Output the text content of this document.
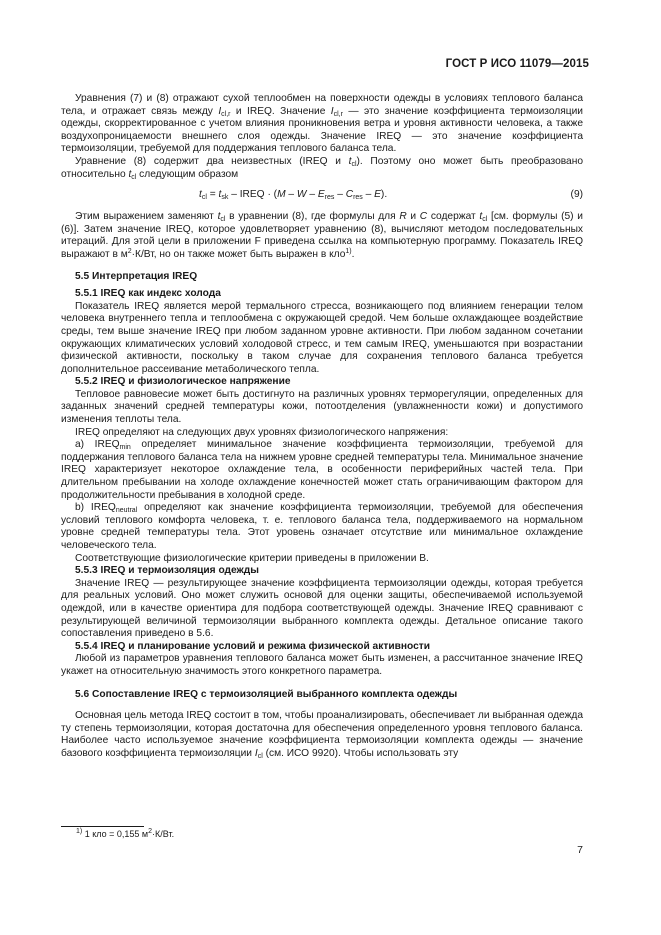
ГОСТ Р ИСО 11079—2015

Уравнения (7) и (8) отражают сухой теплообмен на поверхности одежды в условиях теплового баланса тела, и отражает связь между $I_{cl,r}$ и IREQ. Значение $I_{cl,r}$ — это значение коэффициента термоизоляции одежды, скорректированное с учетом влияния проникновения ветра и уровня активности человека, а также воздухопроницаемости внешнего слоя одежды. Значение IREQ — это значение коэффициента термоизоляции, требуемой для поддержания теплового баланса тела.

Уравнение (8) содержит два неизвестных (IREQ и $t_{cl}$). Поэтому оно может быть преобразовано относительно $t_{cl}$ следующим образом

$t_{cl} = t_{sk}$ – IREQ · (M – W – $E_{res} - C_{res} - E$).	(9)

Этим выражением заменяют $t_{cl}$ в уравнении (8), где формулы для R и C содержат $t_{cl}$ [см. формулы (5) и (6)]. Затем значение IREQ, которое удовлетворяет уравнению (8), вычисляют методом последовательных итераций. Для этой цели в приложении F приведена ссылка на компьютерную программу. Показатель IREQ выражают в $м^2\cdot К/Вт$, но он также может быть выражен в кло$^{1)}$.

5.5 Интерпретация IREQ
5.5.1 IREQ как индекс холода

Показатель IREQ является мерой термального стресса, возникающего под влиянием генерации телом человека внутреннего тепла и теплообмена с окружающей средой. Чем больше охлаждающее воздействие среды, тем выше значение IREQ при любом заданном уровне активности. При любом заданном сочетании окружающих климатических условий холодовой стресс, и тем самым IREQ, уменьшаются при возрастании физической активности, поскольку в таком случае для сохранения теплового баланса требуется дополнительное рассеивание метаболического тепла.

5.5.2 IREQ и физиологическое напряжение

Тепловое равновесие может быть достигнуто на различных уровнях терморегуляции, определенных для заданных значений средней температуры кожи, потоотделения (увлажненности кожи) и допустимого изменения теплоты тела.

IREQ определяют на следующих двух уровнях физиологического напряжения:

a) $IREQ_{min}$ определяет минимальное значение коэффициента термоизоляции, требуемой для поддержания теплового баланса тела на нижнем уровне средней температуры тела. Минимальное значение IREQ характеризует некоторое охлаждение тела, в особенности периферийных частей тела. При длительном пребывании на холоде охлаждение конечностей может стать ограничивающим фактором для продолжительности пребывания в холодной среде.

b) $IREQ_{neutral}$ определяют как значение коэффициента термоизоляции, требуемой для обеспечения условий теплового комфорта человека, т. е. теплового баланса тела, поддерживаемого на нормальном уровне средней температуры тела. Этот уровень означает отсутствие или минимальное охлаждение человеческого тела.

Соответствующие физиологические критерии приведены в приложении В.

5.5.3 IREQ и термоизоляция одежды

Значение IREQ — результирующее значение коэффициента термоизоляции одежды, которая требуется для реальных условий. Оно может служить основой для оценки защиты, обеспечиваемой используемой одеждой, или в качестве ориентира для подбора соответствующей одежды. Значение IREQ сравнивают с результирующей величиной термоизоляции выбранного комплекта одежды. Детальное описание такого сопоставления приведено в 5.6.

5.5.4 IREQ и планирование условий и режима физической активности

Любой из параметров уравнения теплового баланса может быть изменен, а рассчитанное значение IREQ укажет на относительную значимость этого конкретного параметра.

5.6 Сопоставление IREQ с термоизоляцией выбранного комплекта одежды

Основная цель метода IREQ состоит в том, чтобы проанализировать, обеспечивает ли выбранная одежда ту степень термоизоляции, которая достаточна для обеспечения определенного уровня теплового баланса. Наиболее часто используемое значение коэффициента термоизоляции комплекта одежды — значение базового коэффициента термоизоляции $I_{cl}$ (см. ИСО 9920). Чтобы использовать эту

$^{1)}$ 1 кло = 0,155 $м^2\cdot К/Вт$.
7
